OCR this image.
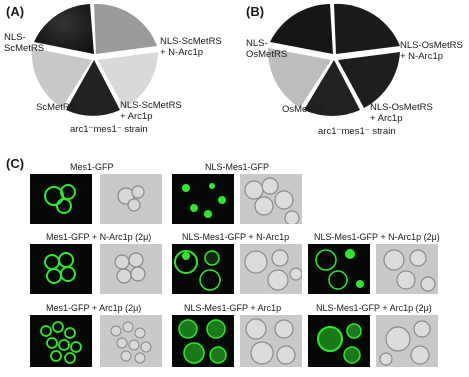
(A)
NLS-
ScMetRS
NLS-ScMetRS
+ N-Arc1p
ScMetRS	NLS-ScMetRS
+ Arc1p
arc1⁻mes1⁻ strain
(B)
NLS-
OsMetRS
NLS-OsMetRS
+ N-Arc1p
OsMetRS	NLS-OsMetRS
+ Arc1p
arc1⁻mes1⁻ strain
(C)	Mes1-GFP	NLS-Mes1-GFP
Mes1-GFP + N-Arc1p (2μ)	NLS-Mes1-GFP + N-Arc1p	NLS-Mes1-GFP + N-Arc1p (2μ)
Mes1-GFP + Arc1p (2μ)	NLS-Mes1-GFP + Arc1p	NLS-Mes1-GFP + Arc1p (2μ)
